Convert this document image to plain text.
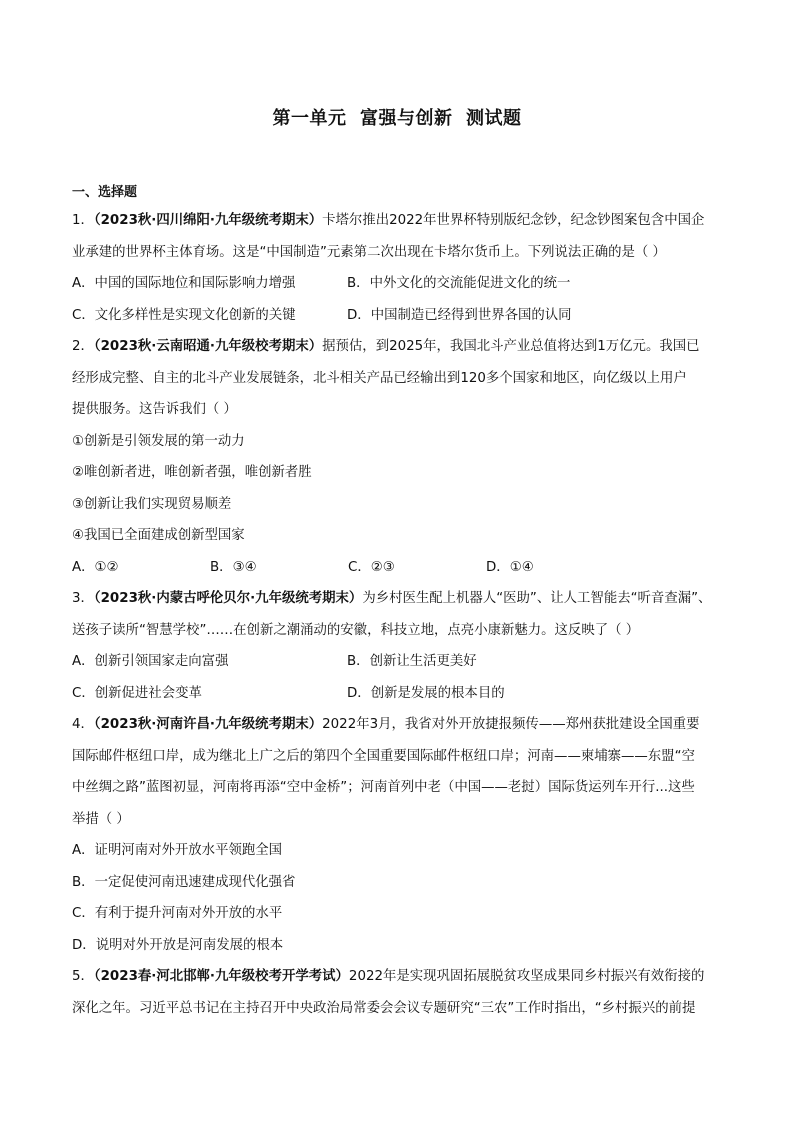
第一单元  富强与创新  测试题
一、选择题
1．（2023秋·四川绵阳·九年级统考期末）卡塔尔推出2022年世界杯特别版纪念钞，纪念钞图案包含中国企
业承建的世界杯主体育场。这是“中国制造”元素第二次出现在卡塔尔货币上。下列说法正确的是（ ）
A．中国的国际地位和国际影响力增强	B．中外文化的交流能促进文化的统一
C．文化多样性是实现文化创新的关键	D．中国制造已经得到世界各国的认同
2．（2023秋·云南昭通·九年级校考期末）据预估，到2025年，我国北斗产业总值将达到1万亿元。我国已
经形成完整、自主的北斗产业发展链条，北斗相关产品已经输出到120多个国家和地区，向亿级以上用户
提供服务。这告诉我们（ ）
①创新是引领发展的第一动力
②唯创新者进，唯创新者强，唯创新者胜
③创新让我们实现贸易顺差
④我国已全面建成创新型国家
A．①②	B．③④	C．②③	D．①④
3．（2023秋·内蒙古呼伦贝尔·九年级统考期末）为乡村医生配上机器人“医助”、让人工智能去“听音查漏”、
送孩子读所“智慧学校”……在创新之潮涌动的安徽，科技立地，点亮小康新魅力。这反映了（ ）
A．创新引领国家走向富强	B．创新让生活更美好
C．创新促进社会变革	D．创新是发展的根本目的
4．（2023秋·河南许昌·九年级统考期末）2022年3月，我省对外开放捷报频传——郑州获批建设全国重要
国际邮件枢纽口岸，成为继北上广之后的第四个全国重要国际邮件枢纽口岸；河南——柬埔寨——东盟“空
中丝绸之路”蓝图初显，河南将再添“空中金桥”；河南首列中老（中国——老挝）国际货运列车开行...这些
举措（ ）
A．证明河南对外开放水平领跑全国
B．一定促使河南迅速建成现代化强省
C．有利于提升河南对外开放的水平
D．说明对外开放是河南发展的根本
5．（2023春·河北邯郸·九年级校考开学考试）2022年是实现巩固拓展脱贫攻坚成果同乡村振兴有效衔接的
深化之年。习近平总书记在主持召开中央政治局常委会会议专题研究“三农”工作时指出，“乡村振兴的前提
